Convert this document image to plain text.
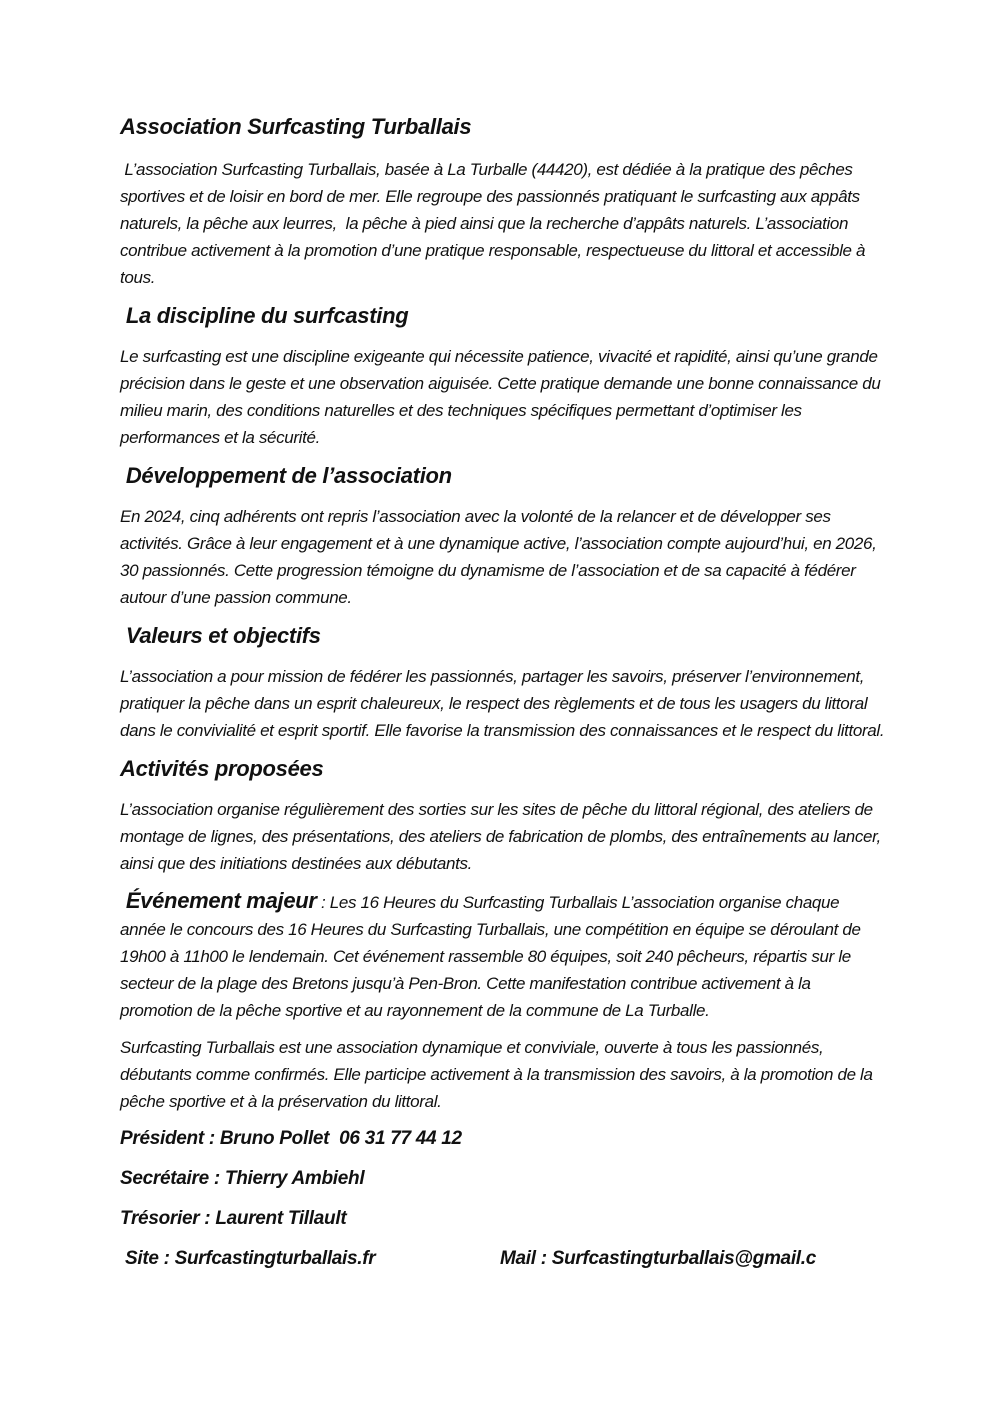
Association Surfcasting Turballais

L’association Surfcasting Turballais, basée à La Turballe (44420), est dédiée à la pratique des pêches sportives et de loisir en bord de mer. Elle regroupe des passionnés pratiquant le surfcasting aux appâts naturels, la pêche aux leurres,  la pêche à pied ainsi que la recherche d’appâts naturels. L’association contribue activement à la promotion d’une pratique responsable, respectueuse du littoral et accessible à tous.

La discipline du surfcasting

Le surfcasting est une discipline exigeante qui nécessite patience, vivacité et rapidité, ainsi qu’une grande précision dans le geste et une observation aiguisée. Cette pratique demande une bonne connaissance du milieu marin, des conditions naturelles et des techniques spécifiques permettant d’optimiser les performances et la sécurité.

Développement de l’association

En 2024, cinq adhérents ont repris l’association avec la volonté de la relancer et de développer ses activités. Grâce à leur engagement et à une dynamique active, l’association compte aujourd’hui, en 2026, 30 passionnés. Cette progression témoigne du dynamisme de l’association et de sa capacité à fédérer autour d’une passion commune.

Valeurs et objectifs

L’association a pour mission de fédérer les passionnés, partager les savoirs, préserver l’environnement, pratiquer la pêche dans un esprit chaleureux, le respect des règlements et de tous les usagers du littoral dans le convivialité et esprit sportif. Elle favorise la transmission des connaissances et le respect du littoral.

Activités proposées

L’association organise régulièrement des sorties sur les sites de pêche du littoral régional, des ateliers de montage de lignes, des présentations, des ateliers de fabrication de plombs, des entraînements au lancer, ainsi que des initiations destinées aux débutants.

Événement majeur : Les 16 Heures du Surfcasting Turballais L’association organise chaque année le concours des 16 Heures du Surfcasting Turballais, une compétition en équipe se déroulant de 19h00 à 11h00 le lendemain. Cet événement rassemble 80 équipes, soit 240 pêcheurs, répartis sur le secteur de la plage des Bretons jusqu’à Pen-Bron. Cette manifestation contribue activement à la promotion de la pêche sportive et au rayonnement de la commune de La Turballe.

Surfcasting Turballais est une association dynamique et conviviale, ouverte à tous les passionnés, débutants comme confirmés. Elle participe activement à la transmission des savoirs, à la promotion de la pêche sportive et à la préservation du littoral.

Président : Bruno Pollet  06 31 77 44 12

Secrétaire : Thierry Ambiehl

Trésorier : Laurent Tillault

Site : Surfcastingturballais.fr	Mail : Surfcastingturballais@gmail.c
